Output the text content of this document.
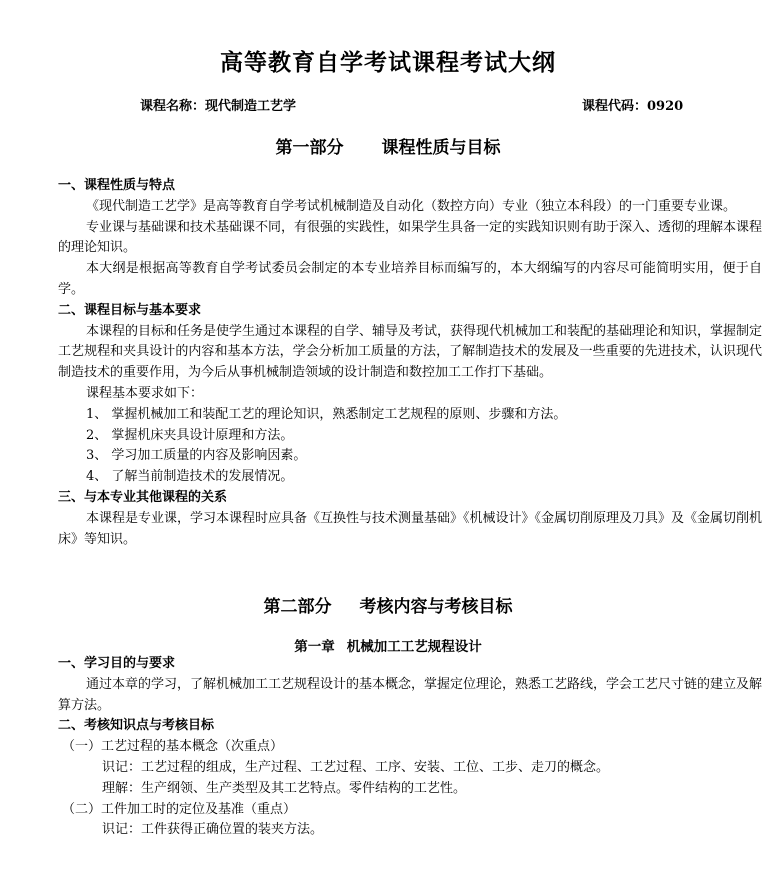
高等教育自学考试课程考试大纲
课程名称：现代制造工艺学	课程代码：0920
第一部分 课程性质与目标
一、课程性质与特点
《现代制造工艺学》是高等教育自学考试机械制造及自动化（数控方向）专业（独立本科段）的一门重要专业课。
专业课与基础课和技术基础课不同，有很强的实践性，如果学生具备一定的实践知识则有助于深入、透彻的理解本课程的理论知识。
本大纲是根据高等教育自学考试委员会制定的本专业培养目标而编写的，本大纲编写的内容尽可能简明实用，便于自学。
二、课程目标与基本要求
本课程的目标和任务是使学生通过本课程的自学、辅导及考试，获得现代机械加工和装配的基础理论和知识，掌握制定工艺规程和夹具设计的内容和基本方法，学会分析加工质量的方法，了解制造技术的发展及一些重要的先进技术，认识现代制造技术的重要作用，为今后从事机械制造领域的设计制造和数控加工工作打下基础。
课程基本要求如下：
1、 掌握机械加工和装配工艺的理论知识，熟悉制定工艺规程的原则、步骤和方法。
2、 掌握机床夹具设计原理和方法。
3、 学习加工质量的内容及影响因素。
4、 了解当前制造技术的发展情况。
三、与本专业其他课程的关系
本课程是专业课，学习本课程时应具备《互换性与技术测量基础》《机械设计》《金属切削原理及刀具》及《金属切削机床》等知识。
第二部分 考核内容与考核目标
第一章 机械加工工艺规程设计
一、学习目的与要求
通过本章的学习，了解机械加工工艺规程设计的基本概念，掌握定位理论，熟悉工艺路线，学会工艺尺寸链的建立及解算方法。
二、考核知识点与考核目标
（一）工艺过程的基本概念（次重点）
识记：工艺过程的组成，生产过程、工艺过程、工序、安装、工位、工步、走刀的概念。
理解：生产纲领、生产类型及其工艺特点。零件结构的工艺性。
（二）工件加工时的定位及基准（重点）
识记：工件获得正确位置的装夹方法。
